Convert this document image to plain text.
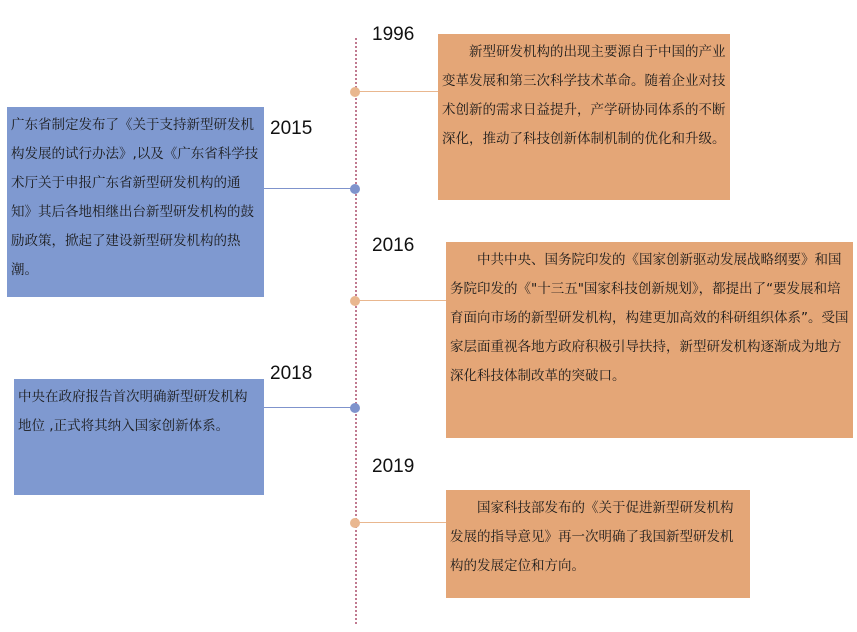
1996
新型研发机构的出现主要源自于中国的产业变革发展和第三次科学技术革命。随着企业对技术创新的需求日益提升，产学研协同体系的不断深化，推动了科技创新体制机制的优化和升级。
2015
广东省制定发布了《关于支持新型研发机构发展的试行办法》,以及《广东省科学技术厅关于申报广东省新型研发机构的通知》其后各地相继出台新型研发机构的鼓励政策，掀起了建设新型研发机构的热潮。
2016
中共中央、国务院印发的《国家创新驱动发展战略纲要》和国务院印发的《"十三五"国家科技创新规划》，都提出了“要发展和培育面向市场的新型研发机构，构建更加高效的科研组织体系”。受国家层面重视各地方政府积极引导扶持，新型研发机构逐渐成为地方深化科技体制改革的突破口。
2018
中央在政府报告首次明确新型研发机构地位 ,正式将其纳入国家创新体系。
2019
国家科技部发布的《关于促进新型研发机构发展的指导意见》再一次明确了我国新型研发机构的发展定位和方向。
